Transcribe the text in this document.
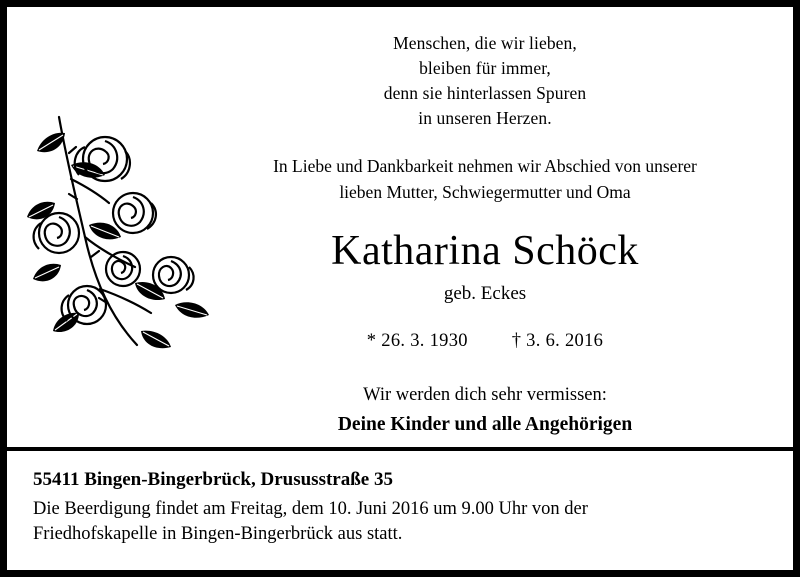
Menschen, die wir lieben,
bleiben für immer,
denn sie hinterlassen Spuren
in unseren Herzen.
In Liebe und Dankbarkeit nehmen wir Abschied von unserer
lieben Mutter, Schwiegermutter und Oma
Katharina Schöck
geb. Eckes
* 26. 3. 1930 † 3. 6. 2016
Wir werden dich sehr vermissen:
Deine Kinder und alle Angehörigen
55411 Bingen-Bingerbrück, Drususstraße 35
Die Beerdigung findet am Freitag, dem 10. Juni 2016 um 9.00 Uhr von der
Friedhofskapelle in Bingen-Bingerbrück aus statt.
